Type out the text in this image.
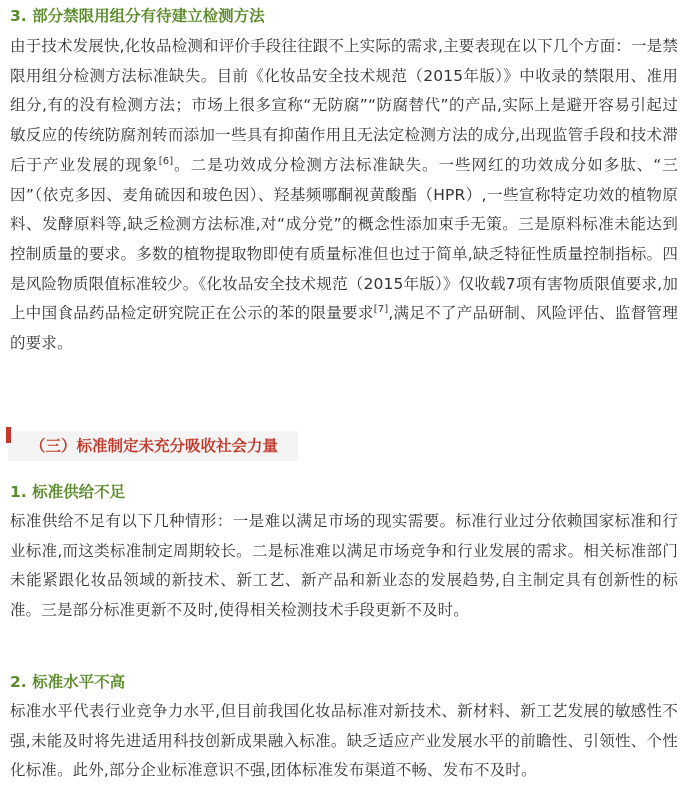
3. 部分禁限用组分有待建立检测方法

由于技术发展快,化妆品检测和评价手段往往跟不上实际的需求,主要表现在以下几个方面：一是禁限用组分检测方法标准缺失。目前《化妆品安全技术规范（2015年版）》中收录的禁限用、准用组分,有的没有检测方法；市场上很多宣称“无防腐”“防腐替代”的产品,实际上是避开容易引起过敏反应的传统防腐剂转而添加一些具有抑菌作用且无法定检测方法的成分,出现监管手段和技术滞后于产业发展的现象[6]。二是功效成分检测方法标准缺失。一些网红的功效成分如多肽、“三因”（依克多因、麦角硫因和玻色因）、羟基频哪酮视黄酸酯（HPR）,一些宣称特定功效的植物原料、发酵原料等,缺乏检测方法标准,对“成分党”的概念性添加束手无策。三是原料标准未能达到控制质量的要求。多数的植物提取物即使有质量标准但也过于简单,缺乏特征性质量控制指标。四是风险物质限值标准较少。《化妆品安全技术规范（2015年版）》仅收载7项有害物质限值要求,加上中国食品药品检定研究院正在公示的苯的限量要求[7],满足不了产品研制、风险评估、监督管理的要求。

1. 标准供给不足

标准供给不足有以下几种情形：一是难以满足市场的现实需要。标准行业过分依赖国家标准和行业标准,而这类标准制定周期较长。二是标准难以满足市场竞争和行业发展的需求。相关标准部门未能紧跟化妆品领域的新技术、新工艺、新产品和新业态的发展趋势,自主制定具有创新性的标准。三是部分标准更新不及时,使得相关检测技术手段更新不及时。

2. 标准水平不高

标准水平代表行业竞争力水平,但目前我国化妆品标准对新技术、新材料、新工艺发展的敏感性不强,未能及时将先进适用科技创新成果融入标准。缺乏适应产业发展水平的前瞻性、引领性、个性化标准。此外,部分企业标准意识不强,团体标准发布渠道不畅、发布不及时。

（三）标准制定未充分吸收社会力量
